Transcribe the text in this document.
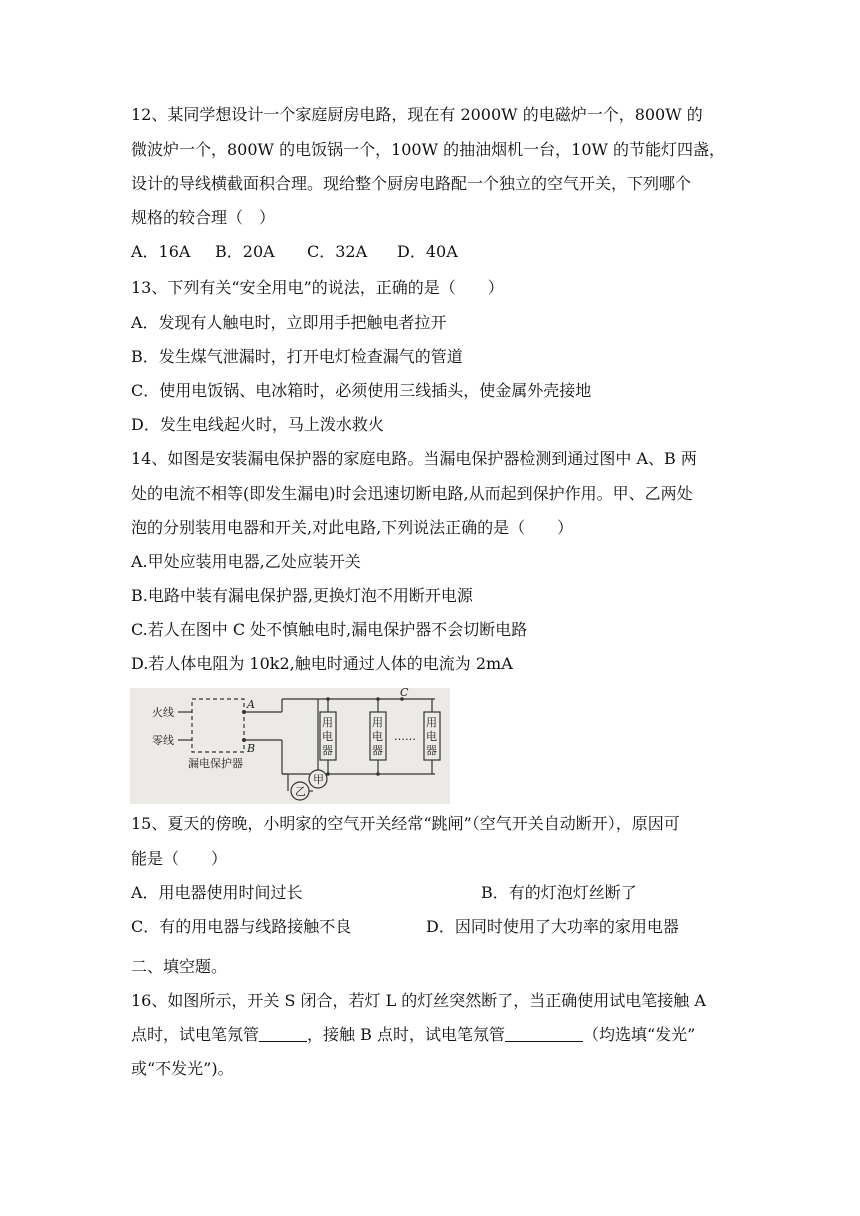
12、某同学想设计一个家庭厨房电路，现在有 2000W 的电磁炉一个，800W 的
微波炉一个，800W 的电饭锅一个，100W 的抽油烟机一台，10W 的节能灯四盏，
设计的导线横截面积合理。现给整个厨房电路配一个独立的空气开关，下列哪个
规格的较合理（　）
A．16A B．20A C．32A D．40A
13、下列有关“安全用电”的说法，正确的是（　　）
A．发现有人触电时，立即用手把触电者拉开
B．发生煤气泄漏时，打开电灯检查漏气的管道
C．使用电饭锅、电冰箱时，必须使用三线插头，使金属外壳接地
D．发生电线起火时，马上泼水救火
14、如图是安装漏电保护器的家庭电路。当漏电保护器检测到通过图中 A、B 两
处的电流不相等(即发生漏电)时会迅速切断电路,从而起到保护作用。甲、乙两处
泡的分别装用电器和开关,对此电路,下列说法正确的是（　　）
A.甲处应装用电器,乙处应装开关
B.电路中装有漏电保护器,更换灯泡不用断开电源
C.若人在图中 C 处不慎触电时,漏电保护器不会切断电路
D.若人体电阻为 10k2,触电时通过人体的电流为 2mA
火线
零线
漏电保护器
A
B
C
用
电
器
用
电
器
用
电
器
……
甲
乙
15、夏天的傍晚，小明家的空气开关经常“跳闸”（空气开关自动断开），原因可
能是（　　）
A．用电器使用时间过长	B．有的灯泡灯丝断了
C．有的用电器与线路接触不良	D．因同时使用了大功率的家用电器
二、填空题。
16、如图所示，开关 S 闭合，若灯 L 的灯丝突然断了，当正确使用试电笔接触 A
点时，试电笔氖管	，接触 B 点时，试电笔氖管	（均选填“发光”
或“不发光”)。
